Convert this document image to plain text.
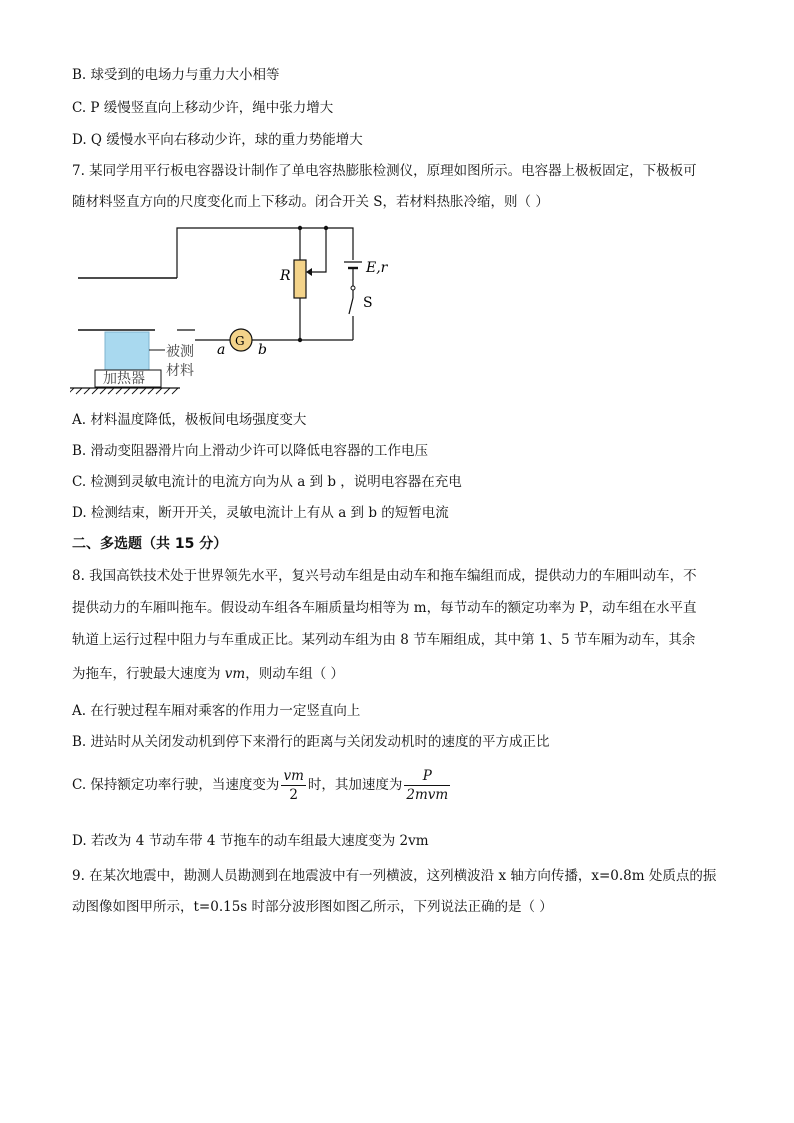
B. 球受到的电场力与重力大小相等
C. P 缓慢竖直向上移动少许，绳中张力增大
D. Q 缓慢水平向右移动少许，球的重力势能增大
7. 某同学用平行板电容器设计制作了单电容热膨胀检测仪，原理如图所示。电容器上极板固定，下极板可
随材料竖直方向的尺度变化而上下移动。闭合开关 S，若材料热胀冷缩，则（ ）
R	E,r
S
G
a b
被测
材料
加热器
A. 材料温度降低，极板间电场强度变大
B. 滑动变阻器滑片向上滑动少许可以降低电容器的工作电压
C. 检测到灵敏电流计的电流方向为从 a 到 b ，说明电容器在充电
D. 检测结束，断开开关，灵敏电流计上有从 a 到 b 的短暂电流
二、多选题（共 15 分）
8. 我国高铁技术处于世界领先水平，复兴号动车组是由动车和拖车编组而成，提供动力的车厢叫动车，不
提供动力的车厢叫拖车。假设动车组各车厢质量均相等为 m，每节动车的额定功率为 P，动车组在水平直
轨道上运行过程中阻力与车重成正比。某列动车组为由 8 节车厢组成，其中第 1、5 节车厢为动车，其余
为拖车，行驶最大速度为 vm，则动车组（ ）
A. 在行驶过程车厢对乘客的作用力一定竖直向上
B. 进站时从关闭发动机到停下来滑行的距离与关闭发动机时的速度的平方成正比
C. 保持额定功率行驶，当速度变为 $\frac{vm}{2}$ 时，其加速度为 $\frac{P}{\text{2mvm}}$
D. 若改为 4 节动车带 4 节拖车的动车组最大速度变为 2vm
9. 在某次地震中，勘测人员勘测到在地震波中有一列横波，这列横波沿 x 轴方向传播，x=0.8m 处质点的振
动图像如图甲所示，t=0.15s 时部分波形图如图乙所示，下列说法正确的是（ ）
